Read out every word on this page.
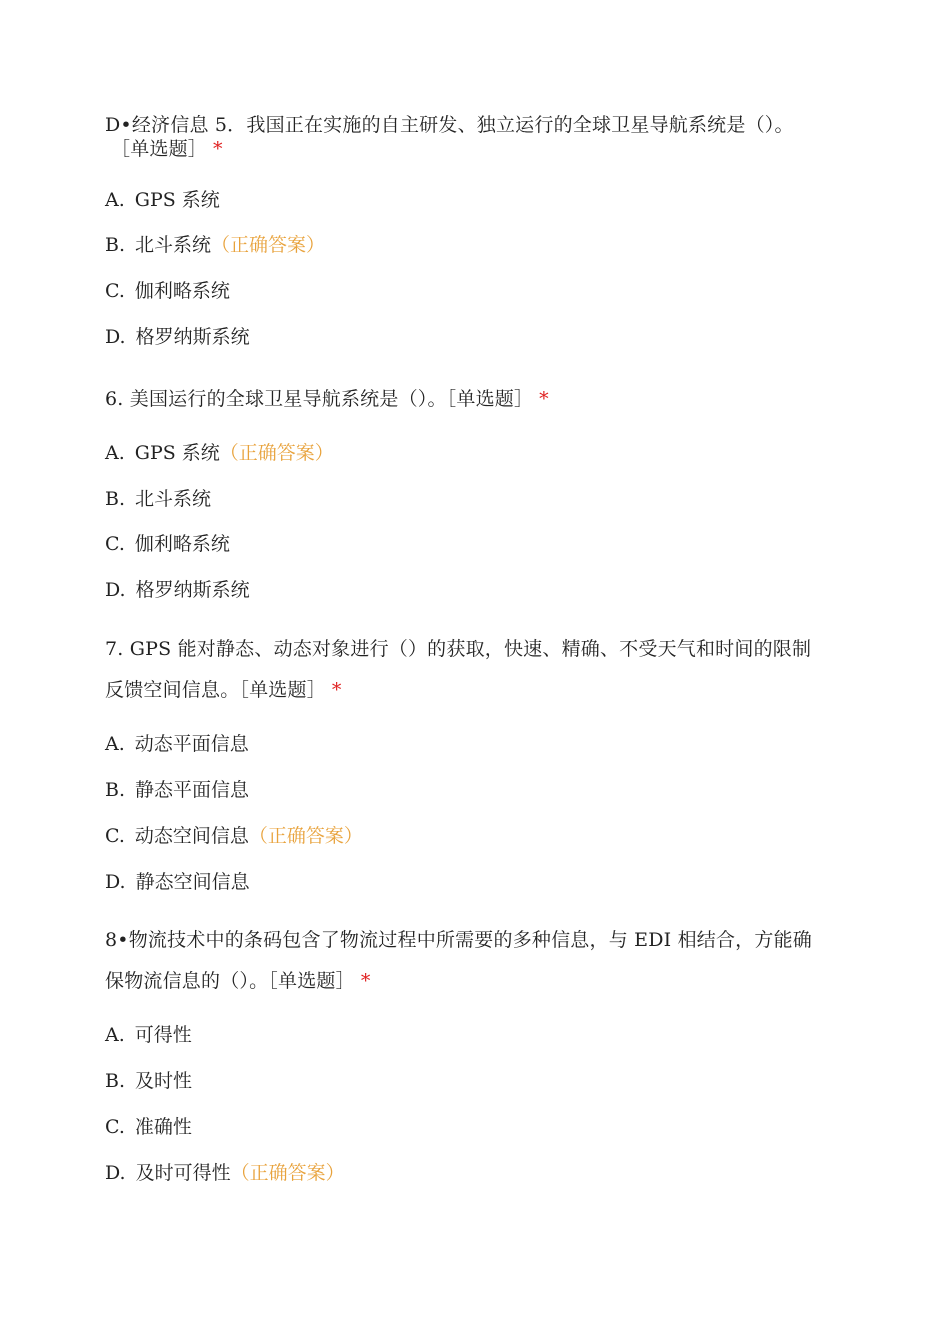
D•经济信息 5．我国正在实施的自主研发、独立运行的全球卫星导航系统是（）。
［单选题］ *
A. GPS 系统
B. 北斗系统（正确答案）
C. 伽利略系统
D. 格罗纳斯系统
6. 美国运行的全球卫星导航系统是（）。［单选题］ *
A. GPS 系统（正确答案）
B. 北斗系统
C. 伽利略系统
D. 格罗纳斯系统
7. GPS 能对静态、动态对象进行（）的获取，快速、精确、不受天气和时间的限制
反馈空间信息。［单选题］ *
A. 动态平面信息
B. 静态平面信息
C. 动态空间信息（正确答案）
D. 静态空间信息
8•物流技术中的条码包含了物流过程中所需要的多种信息，与 EDI 相结合，方能确
保物流信息的（）。［单选题］ *
A. 可得性
B. 及时性
C. 准确性
D. 及时可得性（正确答案）
